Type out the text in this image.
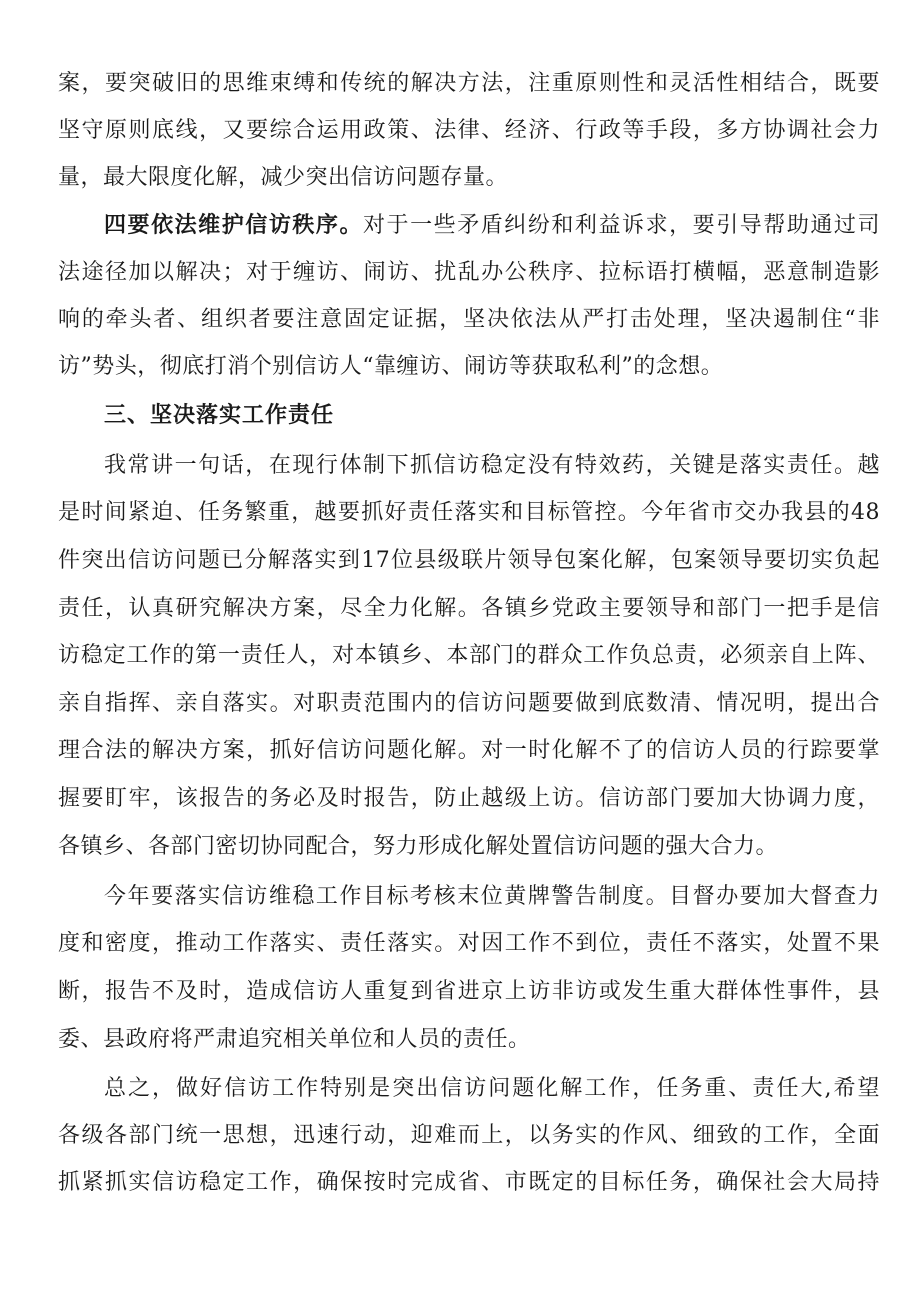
案，要突破旧的思维束缚和传统的解决方法，注重原则性和灵活性相结合，既要
坚守原则底线，又要综合运用政策、法律、经济、行政等手段，多方协调社会力
量，最大限度化解，减少突出信访问题存量。
四要依法维护信访秩序。对于一些矛盾纠纷和利益诉求，要引导帮助通过司
法途径加以解决；对于缠访、闹访、扰乱办公秩序、拉标语打横幅，恶意制造影
响的牵头者、组织者要注意固定证据，坚决依法从严打击处理，坚决遏制住“非
访”势头，彻底打消个别信访人“靠缠访、闹访等获取私利”的念想。
三、坚决落实工作责任
我常讲一句话，在现行体制下抓信访稳定没有特效药，关键是落实责任。越
是时间紧迫、任务繁重，越要抓好责任落实和目标管控。今年省市交办我县的48
件突出信访问题已分解落实到17位县级联片领导包案化解，包案领导要切实负起
责任，认真研究解决方案，尽全力化解。各镇乡党政主要领导和部门一把手是信
访稳定工作的第一责任人，对本镇乡、本部门的群众工作负总责，必须亲自上阵、
亲自指挥、亲自落实。对职责范围内的信访问题要做到底数清、情况明，提出合
理合法的解决方案，抓好信访问题化解。对一时化解不了的信访人员的行踪要掌
握要盯牢，该报告的务必及时报告，防止越级上访。信访部门要加大协调力度，
各镇乡、各部门密切协同配合，努力形成化解处置信访问题的强大合力。
今年要落实信访维稳工作目标考核末位黄牌警告制度。目督办要加大督查力
度和密度，推动工作落实、责任落实。对因工作不到位，责任不落实，处置不果
断，报告不及时，造成信访人重复到省进京上访非访或发生重大群体性事件，县
委、县政府将严肃追究相关单位和人员的责任。
总之，做好信访工作特别是突出信访问题化解工作，任务重、责任大,希望
各级各部门统一思想，迅速行动，迎难而上，以务实的作风、细致的工作，全面
抓紧抓实信访稳定工作，确保按时完成省、市既定的目标任务，确保社会大局持
